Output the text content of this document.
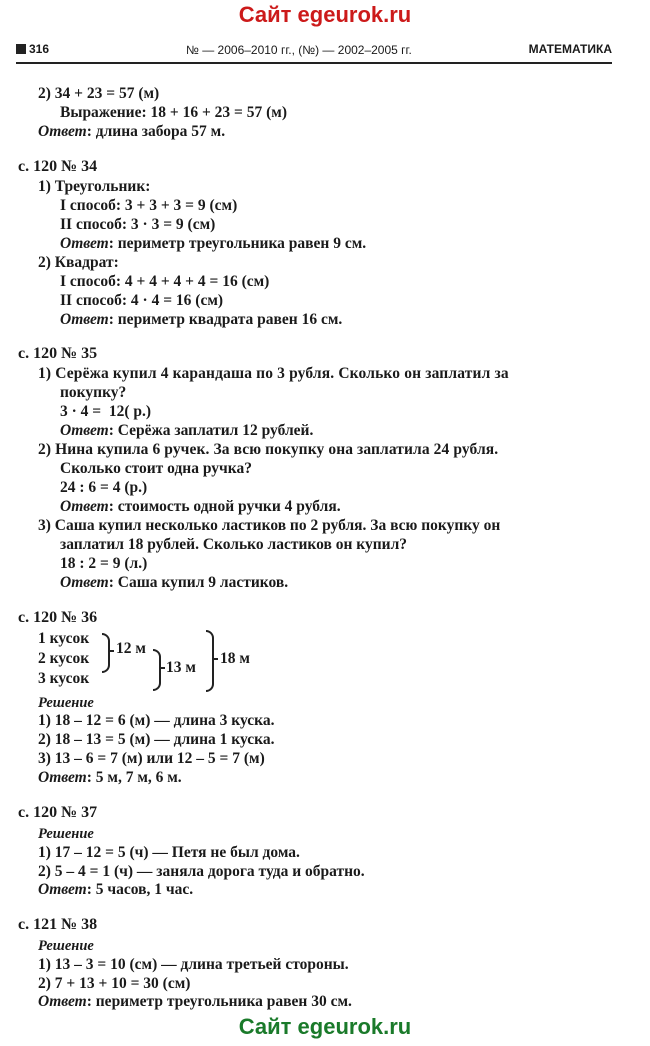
Сайт egeurok.ru
316	№ — 2006–2010 гг., (№) — 2002–2005 гг.	МАТЕМАТИКА
2) 34 + 23 = 57 (м)
Выражение: 18 + 16 + 23 = 57 (м)
Ответ: длина забора 57 м.
с. 120 № 34
1) Треугольник:
I способ: 3 + 3 + 3 = 9 (см)
II способ: 3 · 3 = 9 (см)
Ответ: периметр треугольника равен 9 см.
2) Квадрат:
I способ: 4 + 4 + 4 + 4 = 16 (см)
II способ: 4 · 4 = 16 (см)
Ответ: периметр квадрата равен 16 см.
с. 120 № 35
1) Серёжа купил 4 карандаша по 3 рубля. Сколько он заплатил за
покупку?
3 · 4 =  12( р.)
Ответ: Серёжа заплатил 12 рублей.
2) Нина купила 6 ручек. За всю покупку она заплатила 24 рубля.
Сколько стоит одна ручка?
24 : 6 = 4 (р.)
Ответ: стоимость одной ручки 4 рубля.
3) Саша купил несколько ластиков по 2 рубля. За всю покупку он
заплатил 18 рублей. Сколько ластиков он купил?
18 : 2 = 9 (л.)
Ответ: Саша купил 9 ластиков.
с. 120 № 36
1 кусок
2 кусок
3 кусок
12 м
13 м
18 м
Решение
1) 18 – 12 = 6 (м) — длина 3 куска.
2) 18 – 13 = 5 (м) — длина 1 куска.
3) 13 – 6 = 7 (м) или 12 – 5 = 7 (м)
Ответ: 5 м, 7 м, 6 м.
с. 120 № 37
Решение
1) 17 – 12 = 5 (ч) — Петя не был дома.
2) 5 – 4 = 1 (ч) — заняла дорога туда и обратно.
Ответ: 5 часов, 1 час.
с. 121 № 38
Решение
1) 13 – 3 = 10 (см) — длина третьей стороны.
2) 7 + 13 + 10 = 30 (см)
Ответ: периметр треугольника равен 30 см.
Сайт egeurok.ru
